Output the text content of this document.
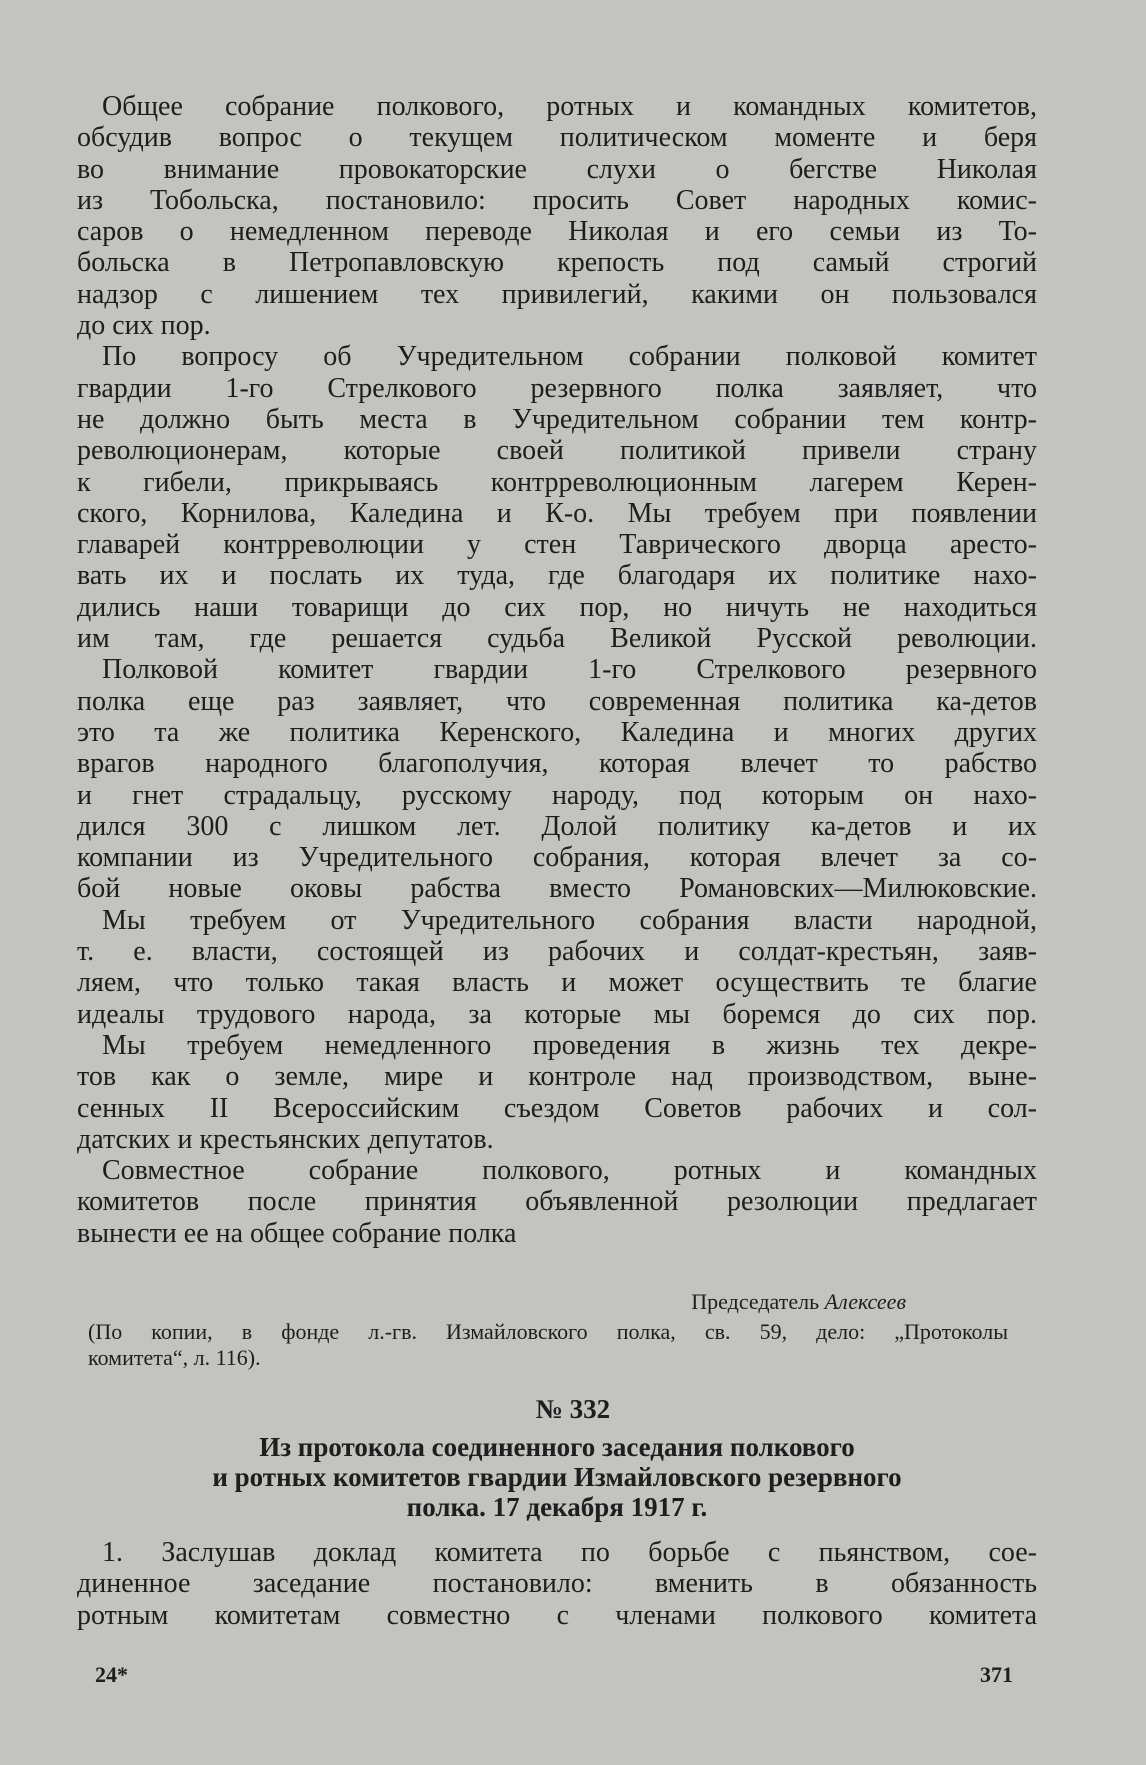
Общее собрание полкового, ротных и командных комитетов,
обсудив вопрос о текущем политическом моменте и беря
во внимание провокаторские слухи о бегстве Николая
из Тобольска, постановило: просить Совет народных комис-
саров о немедленном переводе Николая и его семьи из То-
больска в Петропавловскую крепость под самый строгий
надзор с лишением тех привилегий, какими он пользовался
до сих пор.
По вопросу об Учредительном собрании полковой комитет
гвардии 1-го Стрелкового резервного полка заявляет, что
не должно быть места в Учредительном собрании тем контр-
революционерам, которые своей политикой привели страну
к гибели, прикрываясь контрреволюционным лагерем Керен-
ского, Корнилова, Каледина и К-о. Мы требуем при появлении
главарей контрреволюции у стен Таврического дворца аресто-
вать их и послать их туда, где благодаря их политике нахо-
дились наши товарищи до сих пор, но ничуть не находиться
им там, где решается судьба Великой Русской революции.
Полковой комитет гвардии 1-го Стрелкового резервного
полка еще раз заявляет, что современная политика ка-детов
это та же политика Керенского, Каледина и многих других
врагов народного благополучия, которая влечет то рабство
и гнет страдальцу, русскому народу, под которым он нахо-
дился 300 с лишком лет. Долой политику ка-детов и их
компании из Учредительного собрания, которая влечет за со-
бой новые оковы рабства вместо Романовских—Милюковские.
Мы требуем от Учредительного собрания власти народной,
т. е. власти, состоящей из рабочих и солдат-крестьян, заяв-
ляем, что только такая власть и может осуществить те благие
идеалы трудового народа, за которые мы боремся до сих пор.
Мы требуем немедленного проведения в жизнь тех декре-
тов как о земле, мире и контроле над производством, выне-
сенных II Всероссийским съездом Советов рабочих и сол-
датских и крестьянских депутатов.
Совместное собрание полкового, ротных и командных
комитетов после принятия объявленной резолюции предлагает
вынести ее на общее собрание полка
Председатель Алексеев
(По копии, в фонде л.-гв. Измайловского полка, св. 59, дело: „Протоколы
комитета“, л. 116).
№ 332
Из протокола соединенного заседания полкового
и ротных комитетов гвардии Измайловского резервного
полка. 17 декабря 1917 г.
1. Заслушав доклад комитета по борьбе с пьянством, сое-
диненное заседание постановило: вменить в обязанность
ротным комитетам совместно с членами полкового комитета
24*	371
